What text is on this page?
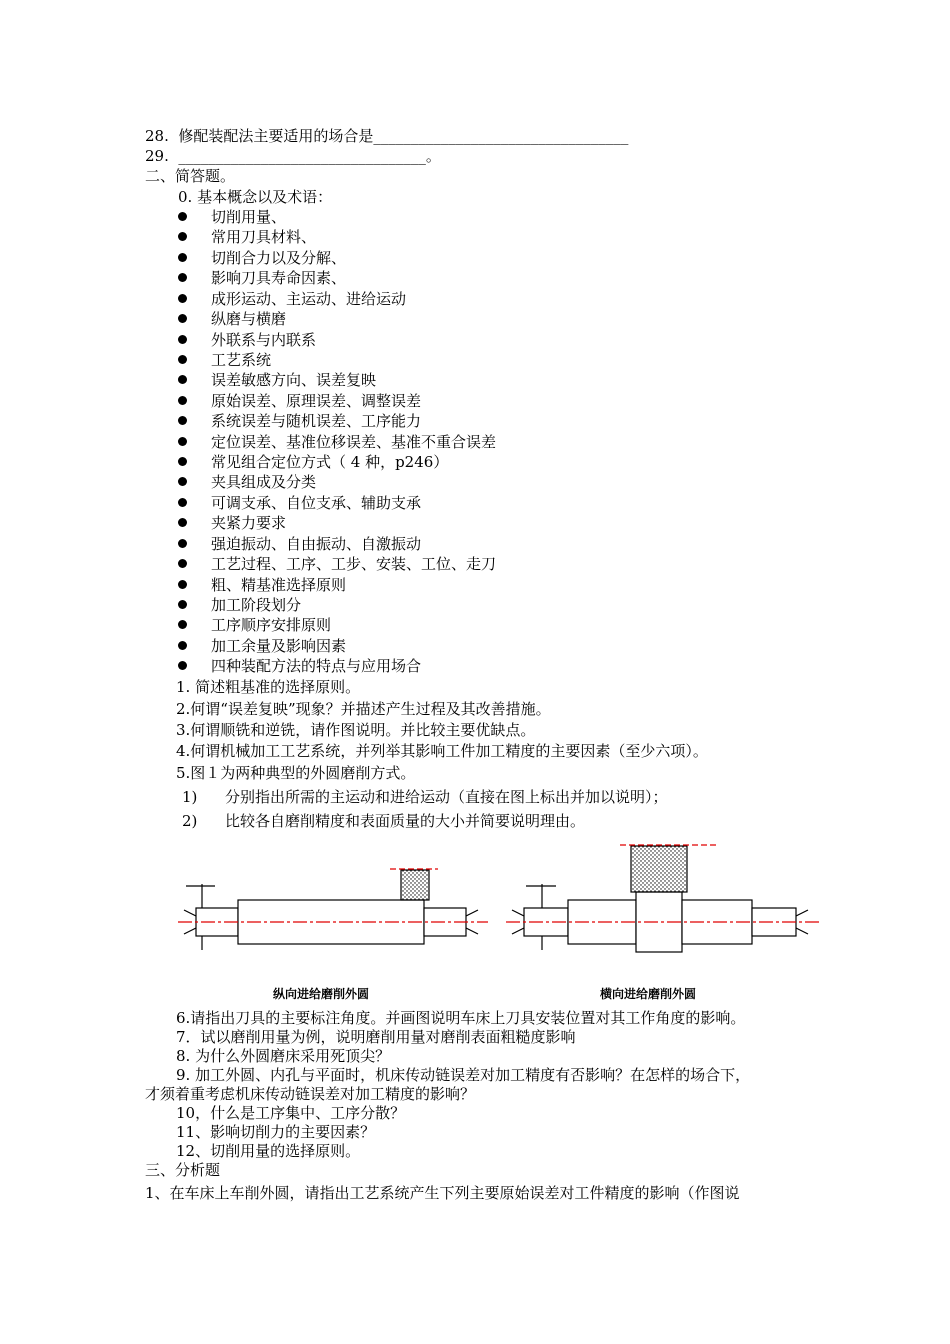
28. 修配装配法主要适用的场合是__________________________________
29. _________________________________。
二、简答题。
0. 基本概念以及术语：
切削用量、
常用刀具材料、
切削合力以及分解、
影响刀具寿命因素、
成形运动、主运动、进给运动
纵磨与横磨
外联系与内联系
工艺系统
误差敏感方向、误差复映
原始误差、原理误差、调整误差
系统误差与随机误差、工序能力
定位误差、基准位移误差、基准不重合误差
常见组合定位方式（ 4 种，p246）
夹具组成及分类
可调支承、自位支承、辅助支承
夹紧力要求
强迫振动、自由振动、自激振动
工艺过程、工序、工步、安装、工位、走刀
粗、精基准选择原则
加工阶段划分
工序顺序安排原则
加工余量及影响因素
四种装配方法的特点与应用场合
1. 简述粗基准的选择原则。
2.何谓“误差复映”现象？并描述产生过程及其改善措施。
3.何谓顺铣和逆铣，请作图说明。并比较主要优缺点。
4.何谓机械加工工艺系统，并列举其影响工件加工精度的主要因素（至少六项）。
5.图１为两种典型的外圆磨削方式。
1) 分别指出所需的主运动和进给运动（直接在图上标出并加以说明）；
2) 比较各自磨削精度和表面质量的大小并简要说明理由。
纵向进给磨削外圆	横向进给磨削外圆
6.请指出刀具的主要标注角度。并画图说明车床上刀具安装位置对其工作角度的影响。
7．试以磨削用量为例，说明磨削用量对磨削表面粗糙度影响
8. 为什么外圆磨床采用死顶尖？
9. 加工外圆、内孔与平面时，机床传动链误差对加工精度有否影响？在怎样的场合下，
才须着重考虑机床传动链误差对加工精度的影响？
10，什么是工序集中、工序分散？
11、影响切削力的主要因素？
12、切削用量的选择原则。
三、分析题
1、在车床上车削外圆，请指出工艺系统产生下列主要原始误差对工件精度的影响（作图说
